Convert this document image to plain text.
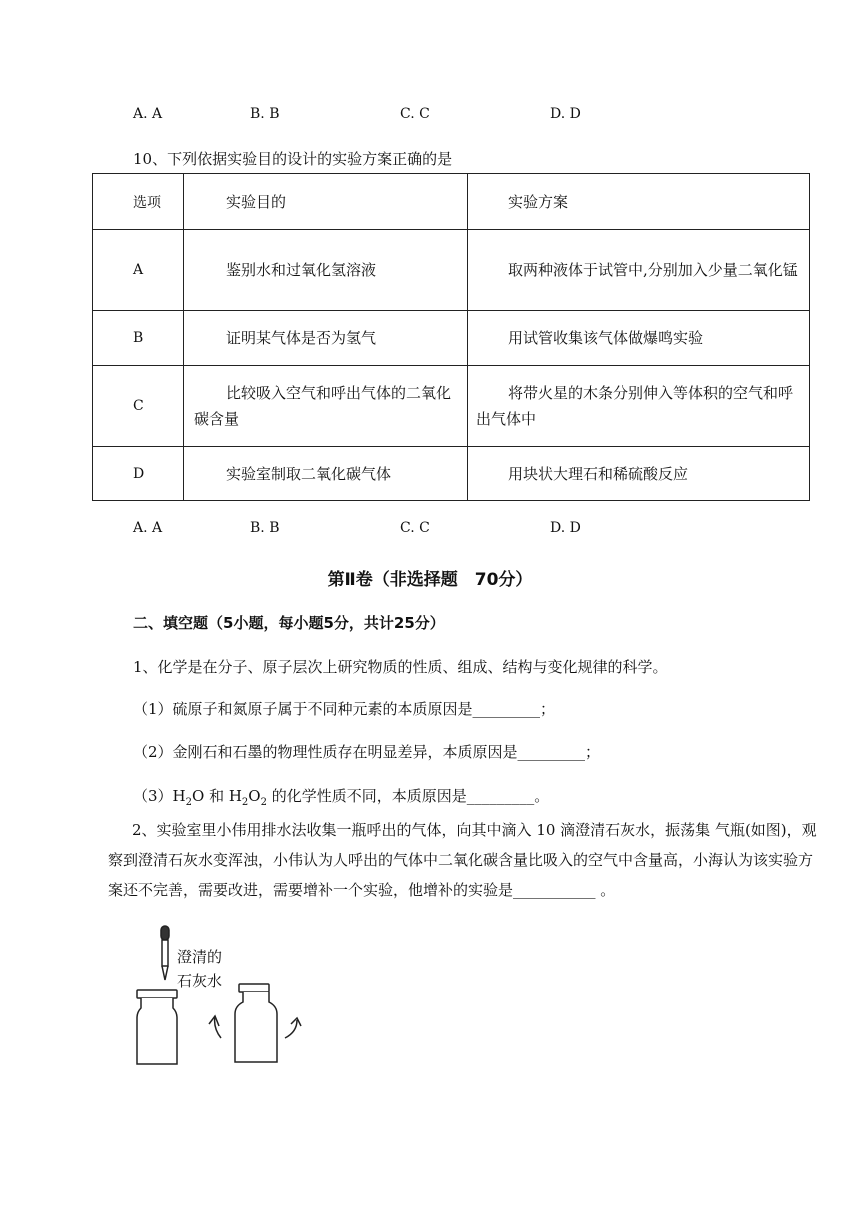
A. A	B. B	C. C	D. D
10、下列依据实验目的设计的实验方案正确的是
选项	实验目的	实验方案
A	鉴别水和过氧化氢溶液	取两种液体于试管中,分别加入少量二氧化锰
B	证明某气体是否为氢气	用试管收集该气体做爆鸣实验
C	比较吸入空气和呼出气体的二氧化碳含量	将带火星的木条分别伸入等体积的空气和呼出气体中
D	实验室制取二氧化碳气体	用块状大理石和稀硫酸反应
A. A	B. B	C. C	D. D
第Ⅱ卷（非选择题　70分）
二、填空题（5小题，每小题5分，共计25分）
1、化学是在分子、原子层次上研究物质的性质、组成、结构与变化规律的科学。
（1）硫原子和氮原子属于不同种元素的本质原因是_________；
（2）金刚石和石墨的物理性质存在明显差异，本质原因是_________；
$(3)H_2O$ 和 $H_2O_2$ 的化学性质不同，本质原因是_________。
2、实验室里小伟用排水法收集一瓶呼出的气体，向其中滴入 10 滴澄清石灰水，振荡集 气瓶(如图)，观察到澄清石灰水变浑浊，小伟认为人呼出的气体中二氧化碳含量比吸入的空气中含量高，小海认为该实验方案还不完善，需要改进，需要增补一个实验，他增补的实验是___________ 。
澄清的
石灰水
